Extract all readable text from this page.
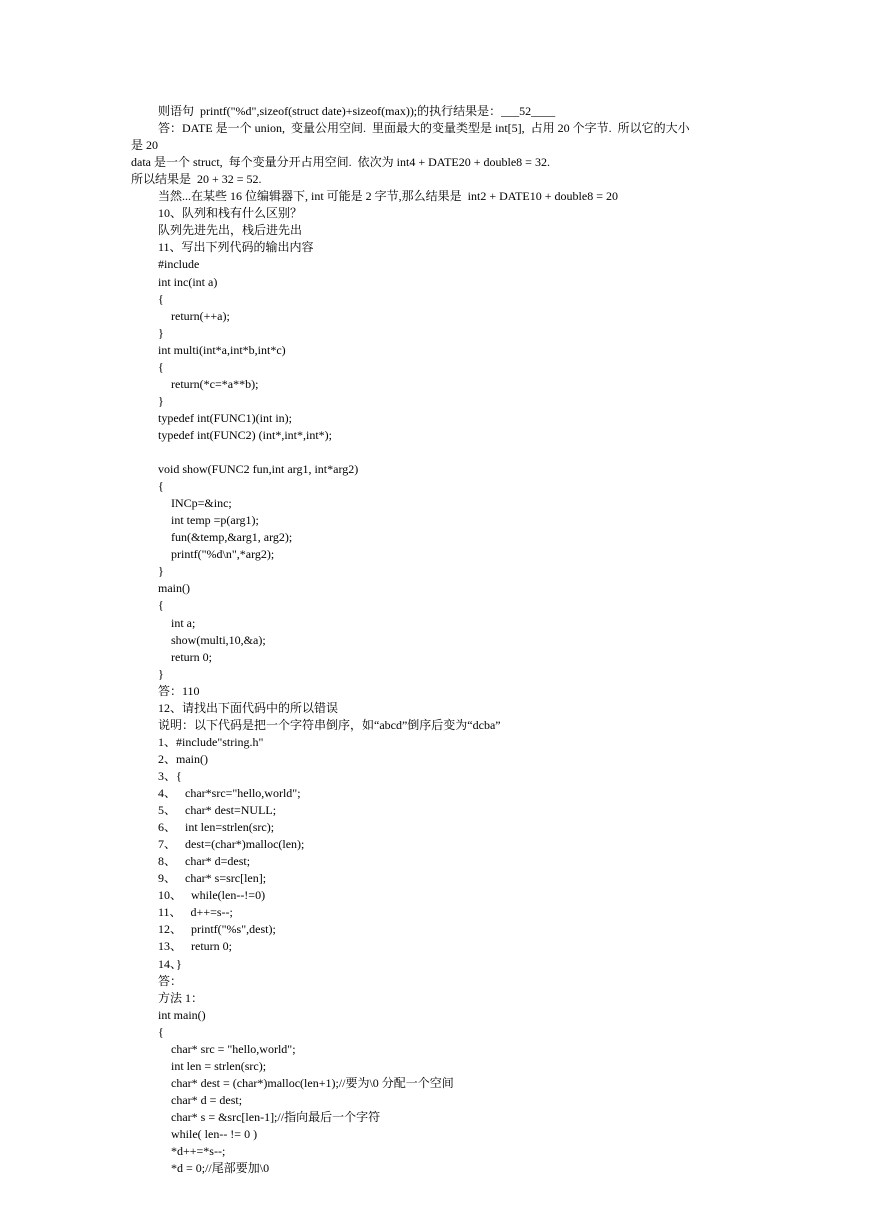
则语句  printf("%d",sizeof(struct date)+sizeof(max));的执行结果是：___52____
答：DATE 是一个 union,  变量公用空间.  里面最大的变量类型是 int[5],  占用 20 个字节.  所以它的大小
是 20
data 是一个 struct,  每个变量分开占用空间.  依次为 int4 + DATE20 + double8 = 32.
所以结果是  20 + 32 = 52.
当然...在某些 16 位编辑器下, int 可能是 2 字节,那么结果是  int2 + DATE10 + double8 = 20
10、队列和栈有什么区别？
队列先进先出，栈后进先出
11、写出下列代码的输出内容
#include
int inc(int a)
{
return(++a);
}
int multi(int*a,int*b,int*c)
{
return(*c=*a**b);
}
typedef int(FUNC1)(int in);
typedef int(FUNC2) (int*,int*,int*);
void show(FUNC2 fun,int arg1, int*arg2)
{
INCp=&inc;
int temp =p(arg1);
fun(&temp,&arg1, arg2);
printf("%d\n",*arg2);
}
main()
{
int a;
show(multi,10,&a);
return 0;
}
答：110
12、请找出下面代码中的所以错误
说明：以下代码是把一个字符串倒序，如“abcd”倒序后变为“dcba”
1、#include"string.h"
2、main()
3、{
4、   char*src="hello,world";
5、   char* dest=NULL;
6、   int len=strlen(src);
7、   dest=(char*)malloc(len);
8、   char* d=dest;
9、   char* s=src[len];
10、   while(len--!=0)
11、   d++=s--;
12、   printf("%s",dest);
13、   return 0;
14、}
答：
方法 1：
int main()
{
char* src = "hello,world";
int len = strlen(src);
char* dest = (char*)malloc(len+1);//要为\0 分配一个空间
char* d = dest;
char* s = &src[len-1];//指向最后一个字符
while( len-- != 0 )
*d++=*s--;
*d = 0;//尾部要加\0
